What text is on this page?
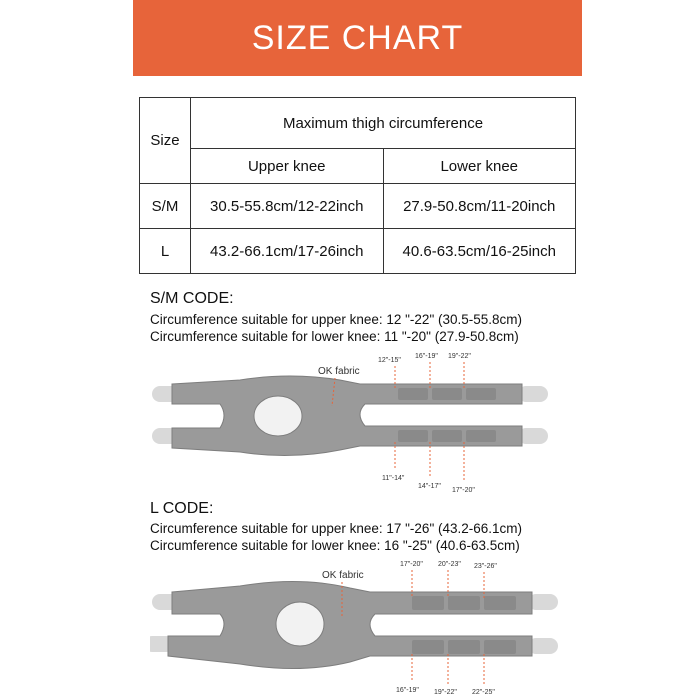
SIZE CHART
Size	Maximum thigh circumference	
	Upper knee	Lower knee
S/M	30.5-55.8cm/12-22inch	27.9-50.8cm/11-20inch
L	43.2-66.1cm/17-26inch	40.6-63.5cm/16-25inch
S/M CODE:
Circumference suitable for upper knee: 12 "-22" (30.5-55.8cm)
Circumference suitable for lower knee: 11 "-20" (27.9-50.8cm)
OK fabric
12"-15"
16"-19" 19"-22"
11"-14"
14"-17"
17"-20"
L CODE:
Circumference suitable for upper knee: 17 "-26" (43.2-66.1cm)
Circumference suitable for lower knee: 16 "-25" (40.6-63.5cm)
OK fabric
17"-20" 20"-23" 23"-26"
16"-19" 19"-22" 22"-25"
